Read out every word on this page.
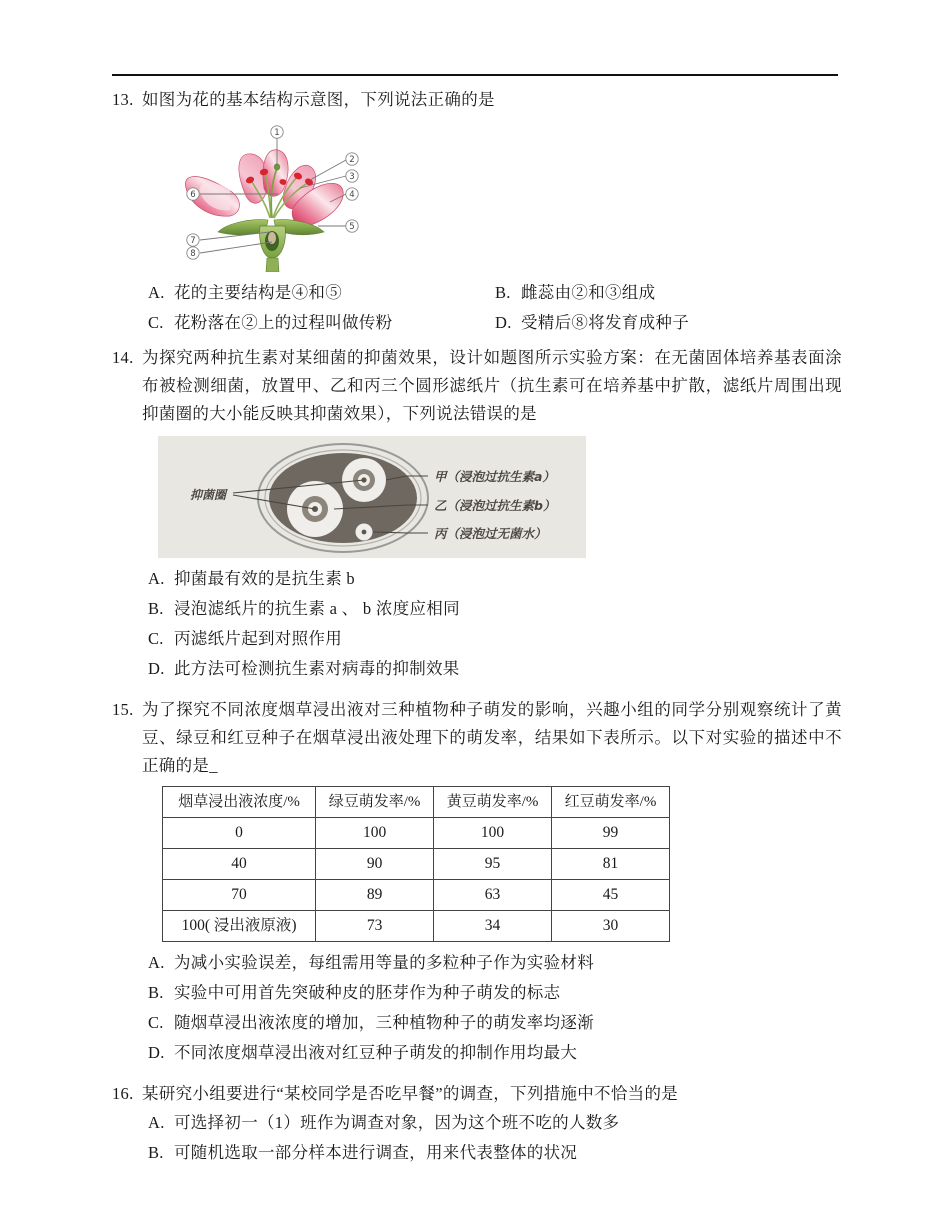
13. 如图为花的基本结构示意图，下列说法正确的是
1
2
3
4
5
6
7
8
A. 花的主要结构是④和⑤	B. 雌蕊由②和③组成
C. 花粉落在②上的过程叫做传粉	D. 受精后⑧将发育成种子
14. 为探究两种抗生素对某细菌的抑菌效果，设计如题图所示实验方案：在无菌固体培养基表面涂布被检测细菌，放置甲、乙和丙三个圆形滤纸片（抗生素可在培养基中扩散，滤纸片周围出现抑菌圈的大小能反映其抑菌效果），下列说法错误的是
抑菌圈
甲（浸泡过抗生素a）
乙（浸泡过抗生素b）
丙（浸泡过无菌水）
A. 抑菌最有效的是抗生素 b
B. 浸泡滤纸片的抗生素 a 、 b 浓度应相同
C. 丙滤纸片起到对照作用
D. 此方法可检测抗生素对病毒的抑制效果
15. 为了探究不同浓度烟草浸出液对三种植物种子萌发的影响，兴趣小组的同学分别观察统计了黄豆、绿豆和红豆种子在烟草浸出液处理下的萌发率，结果如下表所示。以下对实验的描述中不正确的是_
烟草浸出液浓度/%	绿豆萌发率/%	黄豆萌发率/%	红豆萌发率/%
0	100	100	99
40	90	95	81
70	89	63	45
100( 浸出液原液)	73	34	30
A. 为减小实验误差，每组需用等量的多粒种子作为实验材料
B. 实验中可用首先突破种皮的胚芽作为种子萌发的标志
C. 随烟草浸出液浓度的增加，三种植物种子的萌发率均逐渐
D. 不同浓度烟草浸出液对红豆种子萌发的抑制作用均最大
16. 某研究小组要进行“某校同学是否吃早餐”的调查，下列措施中不恰当的是
A. 可选择初一（1）班作为调查对象，因为这个班不吃的人数多
B. 可随机选取一部分样本进行调查，用来代表整体的状况
